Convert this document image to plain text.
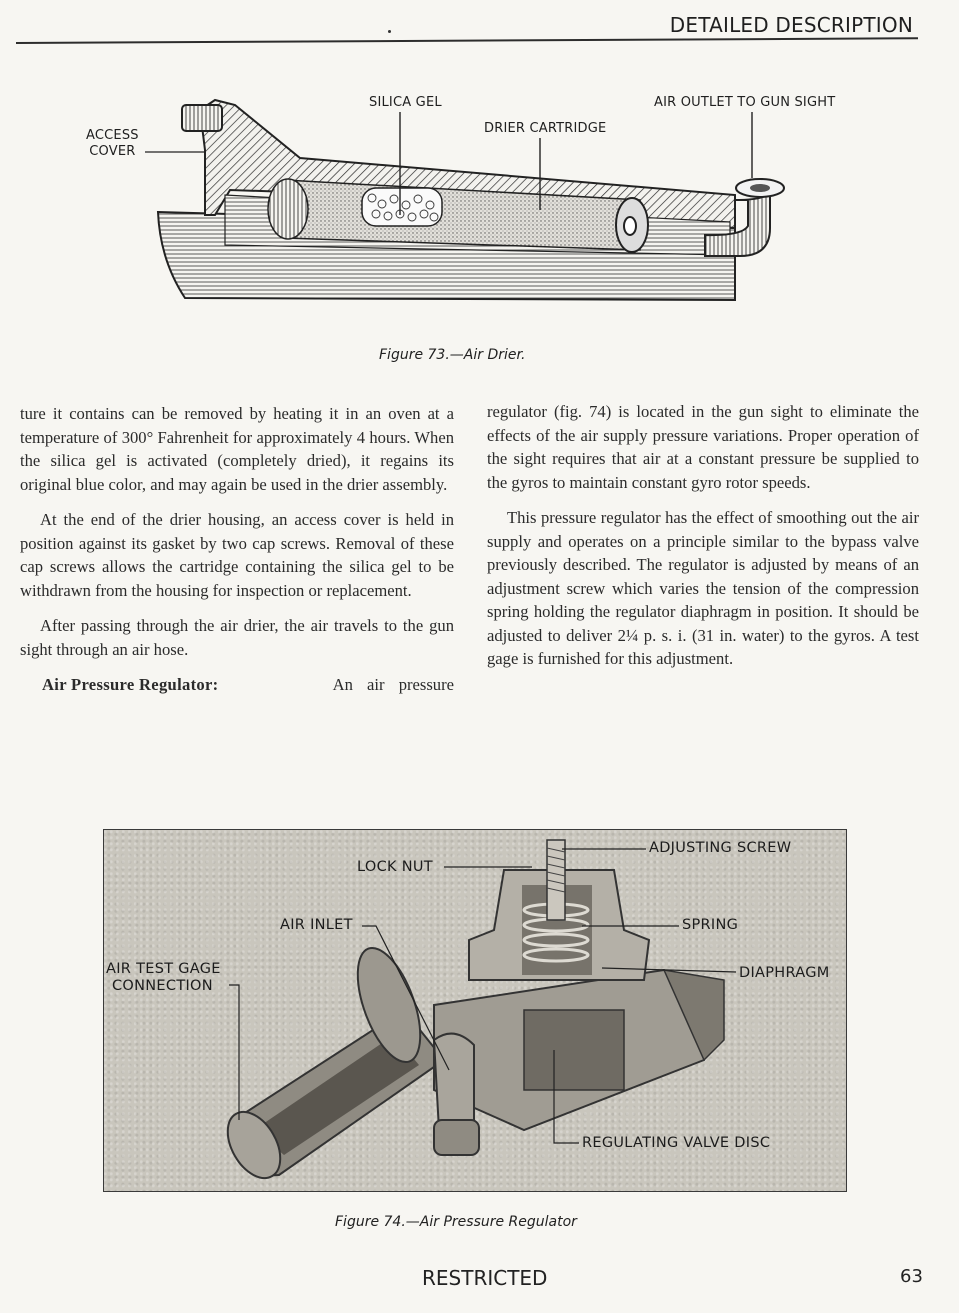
DETAILED DESCRIPTION
ACCESS
COVER
SILICA GEL
DRIER CARTRIDGE
AIR OUTLET TO GUN SIGHT
Figure 73.—Air Drier.

ture it contains can be removed by heating it in an oven at a temperature of 300° Fahrenheit for approximately 4 hours. When the silica gel is activated (completely dried), it regains its original blue color, and may again be used in the drier assembly.

At the end of the drier housing, an access cover is held in position against its gasket by two cap screws. Removal of these cap screws allows the cartridge containing the silica gel to be withdrawn from the housing for inspection or replacement.

After passing through the air drier, the air travels to the gun sight through an air hose.

Air Pressure Regulator:	An air pressure

regulator (fig. 74) is located in the gun sight to eliminate the effects of the air supply pressure variations. Proper operation of the sight requires that air at a constant pressure be supplied to the gyros to maintain constant gyro rotor speeds.

This pressure regulator has the effect of smoothing out the air supply and operates on a principle similar to the bypass valve previously described. The regulator is adjusted by means of an adjustment screw which varies the tension of the compression spring holding the regulator diaphragm in position. It should be adjusted to deliver 2¼ p. s. i. (31 in. water) to the gyros. A test gage is furnished for this adjustment.

ADJUSTING SCREW
LOCK NUT
AIR INLET	SPRING
AIR TEST GAGE
CONNECTION
DIAPHRAGM
REGULATING VALVE DISC
Figure 74.—Air Pressure Regulator
RESTRICTED	63
